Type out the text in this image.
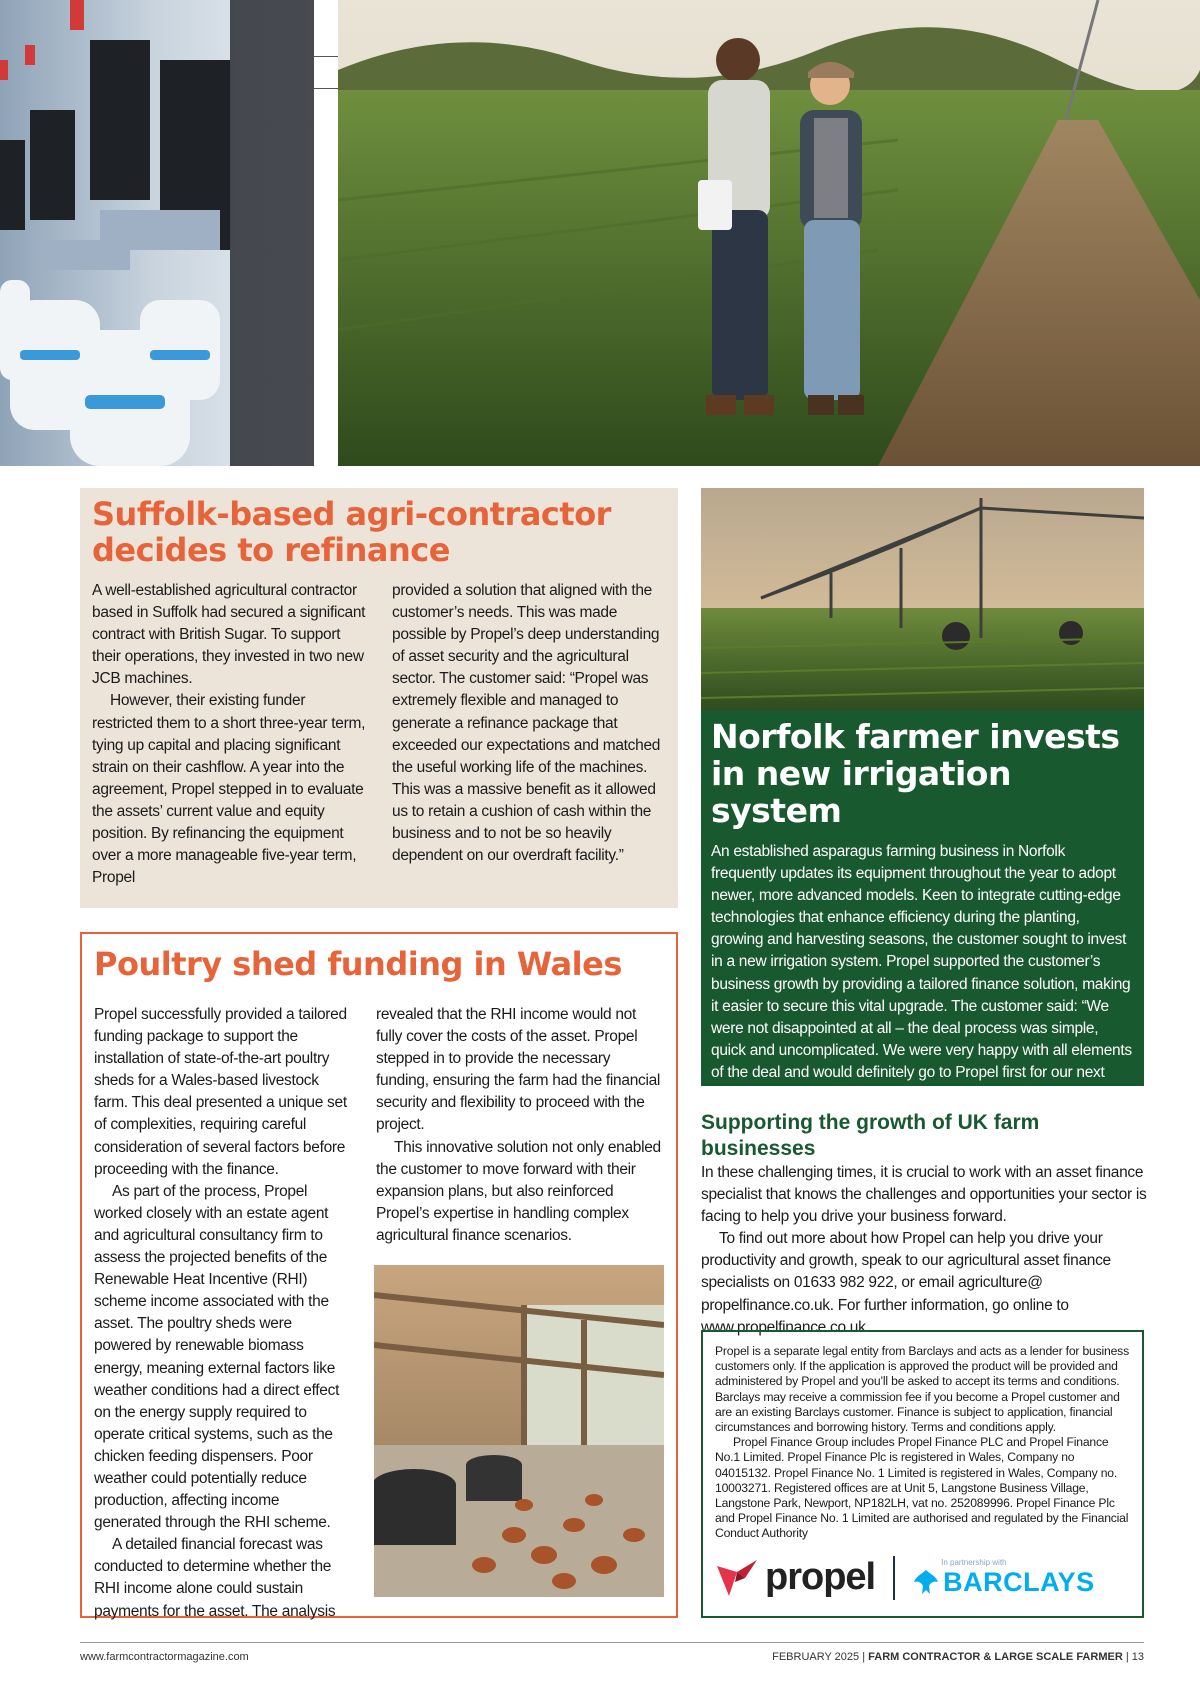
Suffolk-based agri-contractor decides to refinance

A well-established agricultural contractor based in Suffolk had secured a significant contract with British Sugar. To support their operations, they invested in two new JCB machines.

However, their existing funder restricted them to a short three-year term, tying up capital and placing significant strain on their cashflow. A year into the agreement, Propel stepped in to evaluate the assets’ current value and equity position. By refinancing the equipment over a more manageable five-year term, Propel

provided a solution that aligned with the customer’s needs. This was made possible by Propel’s deep understanding of asset security and the agricultural sector. The customer said: “Propel was extremely flexible and managed to generate a refinance package that exceeded our expectations and matched the useful working life of the machines. This was a massive benefit as it allowed us to retain a cushion of cash within the business and to not be so heavily dependent on our overdraft facility.”

Poultry shed funding in Wales

Propel successfully provided a tailored funding package to support the installation of state-of-the-art poultry sheds for a Wales-based livestock farm. This deal presented a unique set of complexities, requiring careful consideration of several factors before proceeding with the finance.

As part of the process, Propel worked closely with an estate agent and agricultural consultancy firm to assess the projected benefits of the Renewable Heat Incentive (RHI) scheme income associated with the asset. The poultry sheds were powered by renewable biomass energy, meaning external factors like weather conditions had a direct effect on the energy supply required to operate critical systems, such as the chicken feeding dispensers. Poor weather could potentially reduce production, affecting income generated through the RHI scheme.

A detailed financial forecast was conducted to determine whether the RHI income alone could sustain payments for the asset. The analysis

revealed that the RHI income would not fully cover the costs of the asset. Propel stepped in to provide the necessary funding, ensuring the farm had the financial security and flexibility to proceed with the project.

This innovative solution not only enabled the customer to move forward with their expansion plans, but also reinforced Propel’s expertise in handling complex agricultural finance scenarios.

Norfolk farmer invests in new irrigation system

An established asparagus farming business in Norfolk frequently updates its equipment throughout the year to adopt newer, more advanced models. Keen to integrate cutting-edge technologies that enhance efficiency during the planting, growing and harvesting seasons, the customer sought to invest in a new irrigation system. Propel supported the customer’s business growth by providing a tailored finance solution, making it easier to secure this vital upgrade. The customer said: “We were not disappointed at all – the deal process was simple, quick and uncomplicated. We were very happy with all elements of the deal and would definitely go to Propel first for our next business purchase.”

Supporting the growth of UK farm businesses

In these challenging times, it is crucial to work with an asset finance specialist that knows the challenges and opportunities your sector is facing to help you drive your business forward.

To find out more about how Propel can help you drive your productivity and growth, speak to our agricultural asset finance specialists on 01633 982 922, or email agriculture@ propelfinance.co.uk. For further information, go online to www.propelfinance.co.uk.

Propel is a separate legal entity from Barclays and acts as a lender for business customers only. If the application is approved the product will be provided and administered by Propel and you’ll be asked to accept its terms and conditions. Barclays may receive a commission fee if you become a Propel customer and are an existing Barclays customer. Finance is subject to application, financial circumstances and borrowing history. Terms and conditions apply.

Propel Finance Group includes Propel Finance PLC and Propel Finance No.1 Limited. Propel Finance Plc is registered in Wales, Company no 04015132. Propel Finance No. 1 Limited is registered in Wales, Company no. 10003271. Registered offices are at Unit 5, Langstone Business Village, Langstone Park, Newport, NP182LH, vat no. 252089996. Propel Finance Plc and Propel Finance No. 1 Limited are authorised and regulated by the Financial Conduct Authority

propel	In partnership with
BARCLAYS
www.farmcontractormagazine.com	FEBRUARY 2025 | FARM CONTRACTOR & LARGE SCALE FARMER | 13
